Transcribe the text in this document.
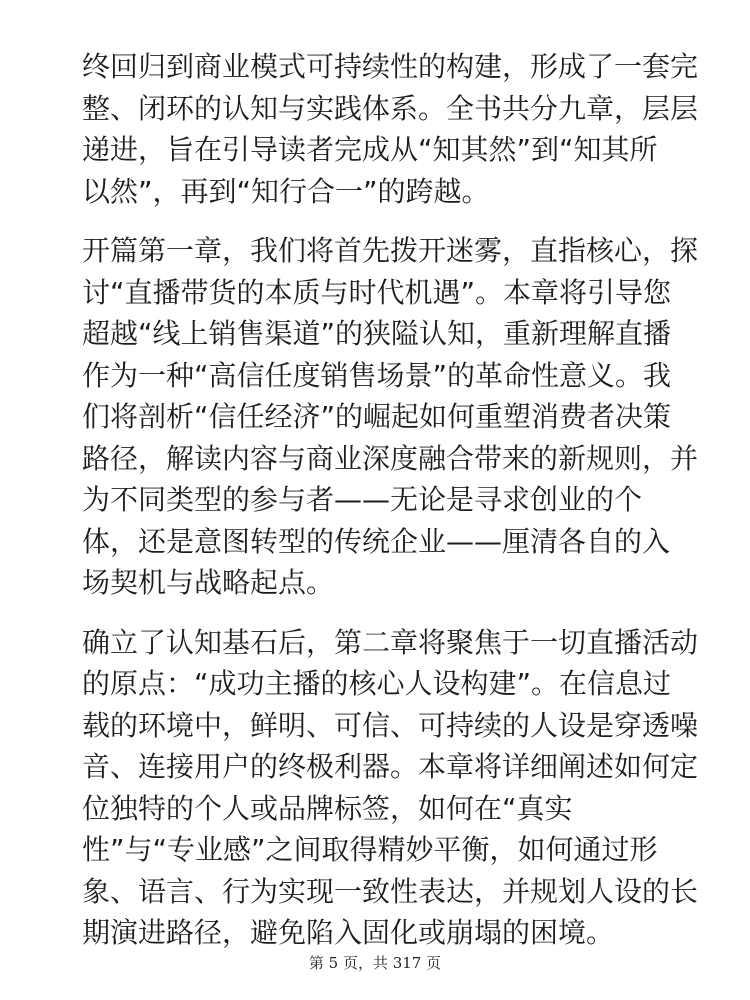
终回归到商业模式可持续性的构建，形成了一套完
整、闭环的认知与实践体系。全书共分九章，层层
递进，旨在引导读者完成从“知其然”到“知其所
以然”，再到“知行合一”的跨越。
开篇第一章，我们将首先拨开迷雾，直指核心，探
讨“直播带货的本质与时代机遇”。本章将引导您
超越“线上销售渠道”的狭隘认知，重新理解直播
作为一种“高信任度销售场景”的革命性意义。我
们将剖析“信任经济”的崛起如何重塑消费者决策
路径，解读内容与商业深度融合带来的新规则，并
为不同类型的参与者——无论是寻求创业的个
体，还是意图转型的传统企业——厘清各自的入
场契机与战略起点。
确立了认知基石后，第二章将聚焦于一切直播活动
的原点：“成功主播的核心人设构建”。在信息过
载的环境中，鲜明、可信、可持续的人设是穿透噪
音、连接用户的终极利器。本章将详细阐述如何定
位独特的个人或品牌标签，如何在“真实
性”与“专业感”之间取得精妙平衡，如何通过形
象、语言、行为实现一致性表达，并规划人设的长
期演进路径，避免陷入固化或崩塌的困境。
第 5 页，共 317 页
